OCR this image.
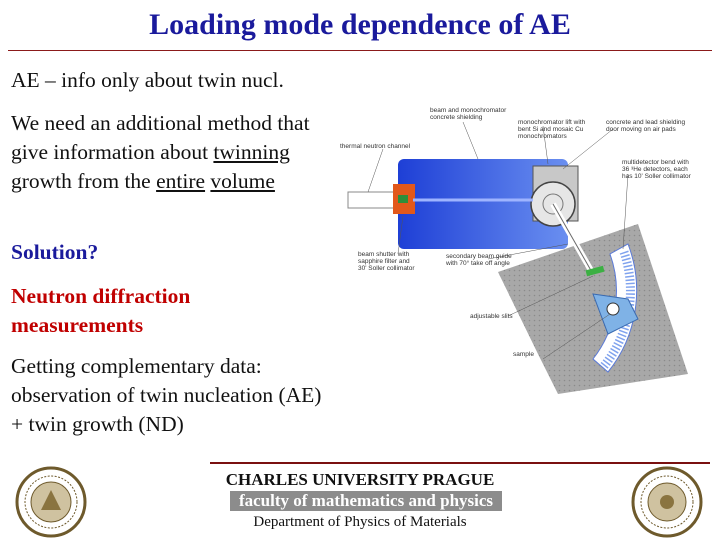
Loading mode dependence of AE
AE – info only about twin nucl.
We need an additional method that give information about twinning growth from the entire volume
Solution?
Neutron diffraction measurements
Getting complementary data: observation of twin nucleation (AE) + twin growth (ND)
beam and monochromator
concrete shielding
monochromator lift with
bent Si and mosaic Cu
monochromators
concrete and lead shielding
door moving on air pads
thermal neutron channel
multidetector bend with
36 ³He detectors, each
has 10' Soller collimator
beam shutter with
sapphire filter and
30' Soller collimator
secondary beam guide
with 70° take off angle
adjustable slits
sample
CHARLES UNIVERSITY PRAGUE
faculty of mathematics and physics
Department of Physics of Materials
